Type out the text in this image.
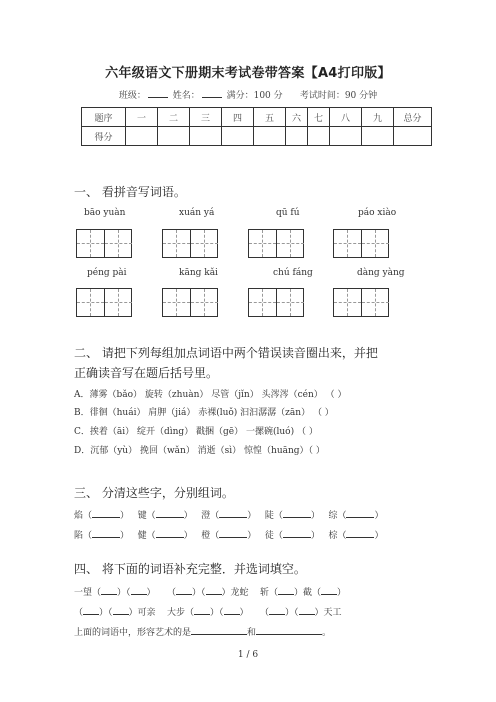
六年级语文下册期末考试卷带答案【A4打印版】
班级：	姓名：	满分：100 分 考试时间：90 分钟
题序	一	二	三	四	五	六	七	八	九	总分
得分										
一、 看拼音写词语。
bāo yuàn	xuán yá	qū fú	páo xiào
péng pài	kāng kǎi	chú fáng	dàng yàng
二、 请把下列每组加点词语中两个错误读音圈出来，并把
正确读音写在题后括号里。
A．薄雾（bǎo） 旋转（zhuàn） 尽管（jǐn） 头涔涔（cén） （ ）
B．徘徊（huái） 肩胛（jiá） 赤裸(luǒ) 汩汩潺潺（zān） （ ）
C．挨着（āi） 绽开（dìng） 戳捆（gē） 一摞碗(luó) （ ）
D．沉郁（yù） 挽回（wǎn） 消逝（sì） 惊惶（huāng）（ ）
三、 分清这些字，分别组词。
焰（	）   键（	）   澄（	）   陡（	）   综（	）
陷（	）   健（	）   橙（	）   徒（	）   棕（	）
四、 将下面的词语补充完整．并选词填空。
一望（ ）（ ） （ ）（ ）龙蛇 斩（ ）截（ ）
（ ）（ ）可亲 大步（ ）（ ） （ ）（ ）天工
上面的词语中，形容艺术的是	和	。
1 / 6
